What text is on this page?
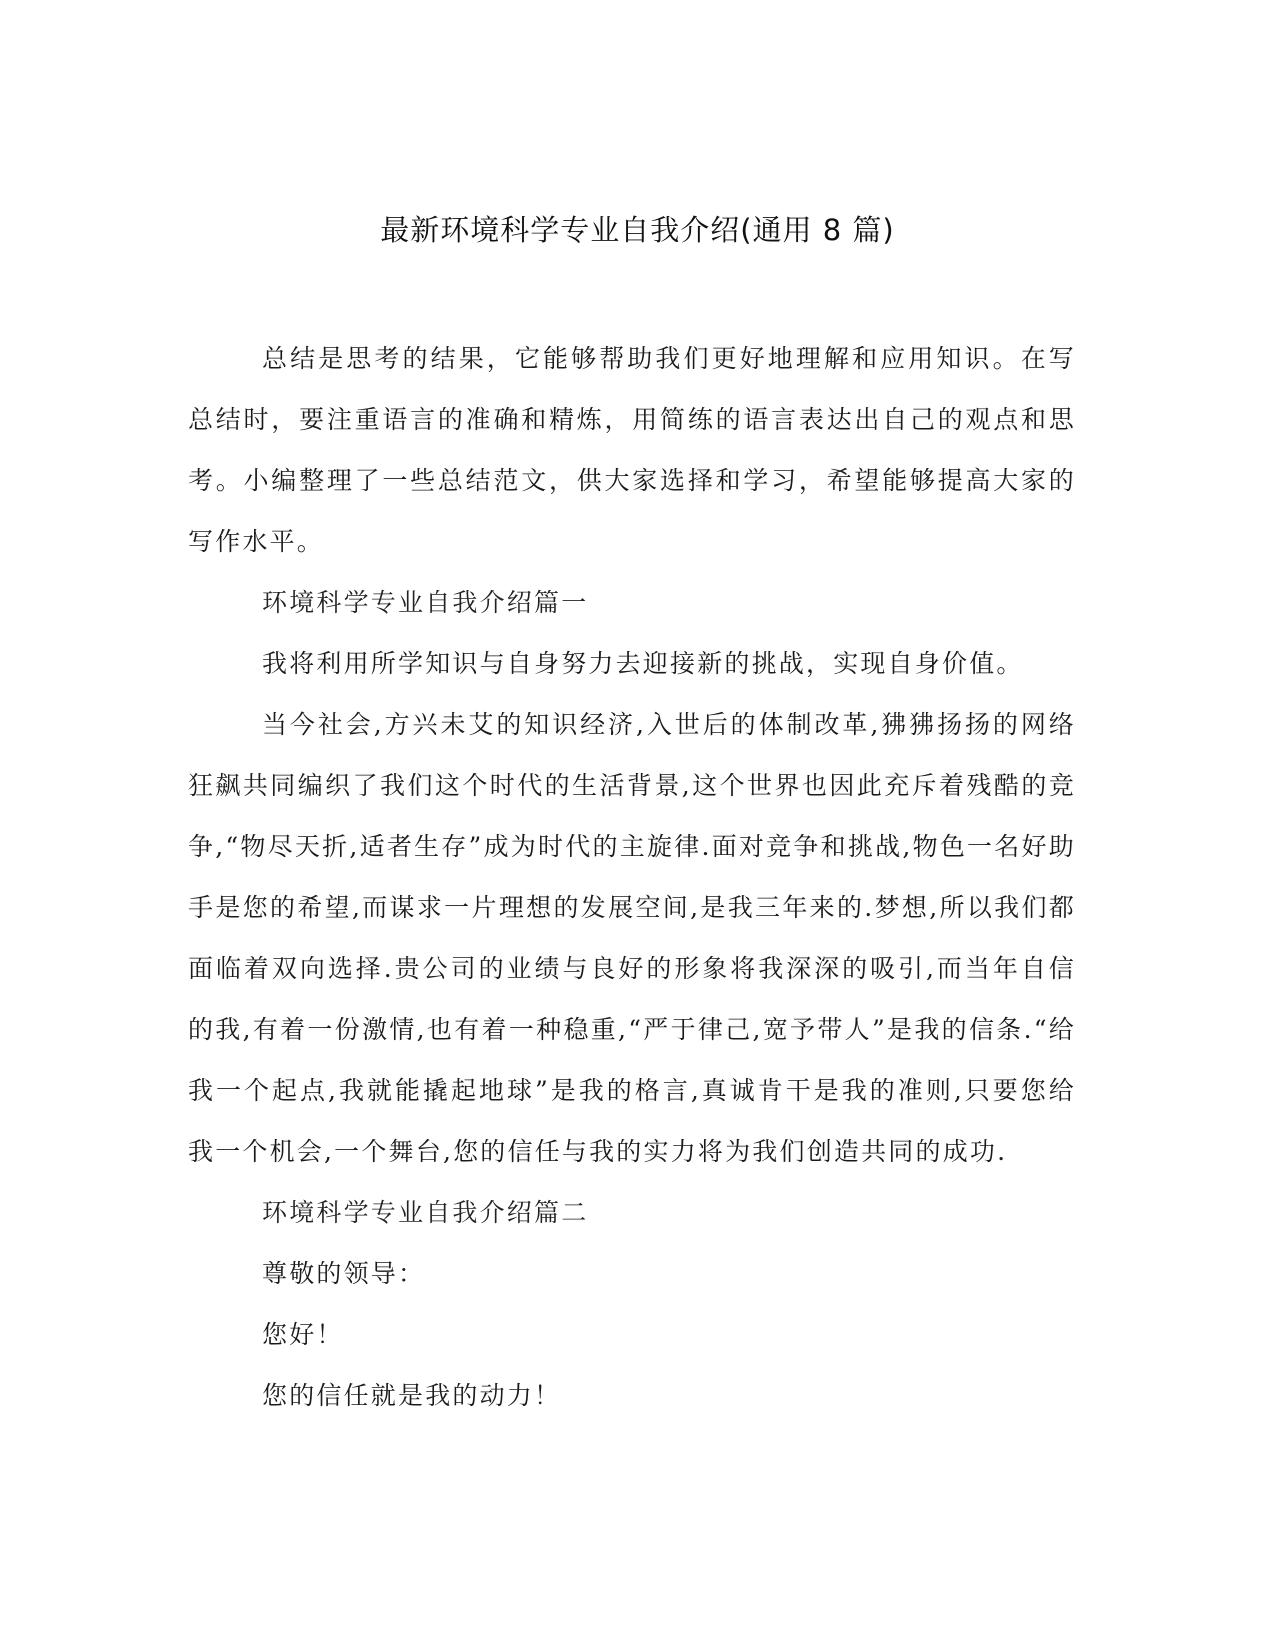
最新环境科学专业自我介绍(通用 8 篇)

总结是思考的结果，它能够帮助我们更好地理解和应用知识。在写总结时，要注重语言的准确和精炼，用简练的语言表达出自己的观点和思考。小编整理了一些总结范文，供大家选择和学习，希望能够提高大家的写作水平。

环境科学专业自我介绍篇一

我将利用所学知识与自身努力去迎接新的挑战，实现自身价值。

当今社会,方兴未艾的知识经济,入世后的体制改革,狒狒扬扬的网络狂飙共同编织了我们这个时代的生活背景,这个世界也因此充斥着残酷的竞争,“物尽天折,适者生存”成为时代的主旋律.面对竞争和挑战,物色一名好助手是您的希望,而谋求一片理想的发展空间,是我三年来的.梦想,所以我们都面临着双向选择.贵公司的业绩与良好的形象将我深深的吸引,而当年自信的我,有着一份激情,也有着一种稳重,“严于律己,宽予带人”是我的信条.“给我一个起点,我就能撬起地球”是我的格言,真诚肯干是我的准则,只要您给我一个机会,一个舞台,您的信任与我的实力将为我们创造共同的成功.

环境科学专业自我介绍篇二

尊敬的领导：

您好！

您的信任就是我的动力！
